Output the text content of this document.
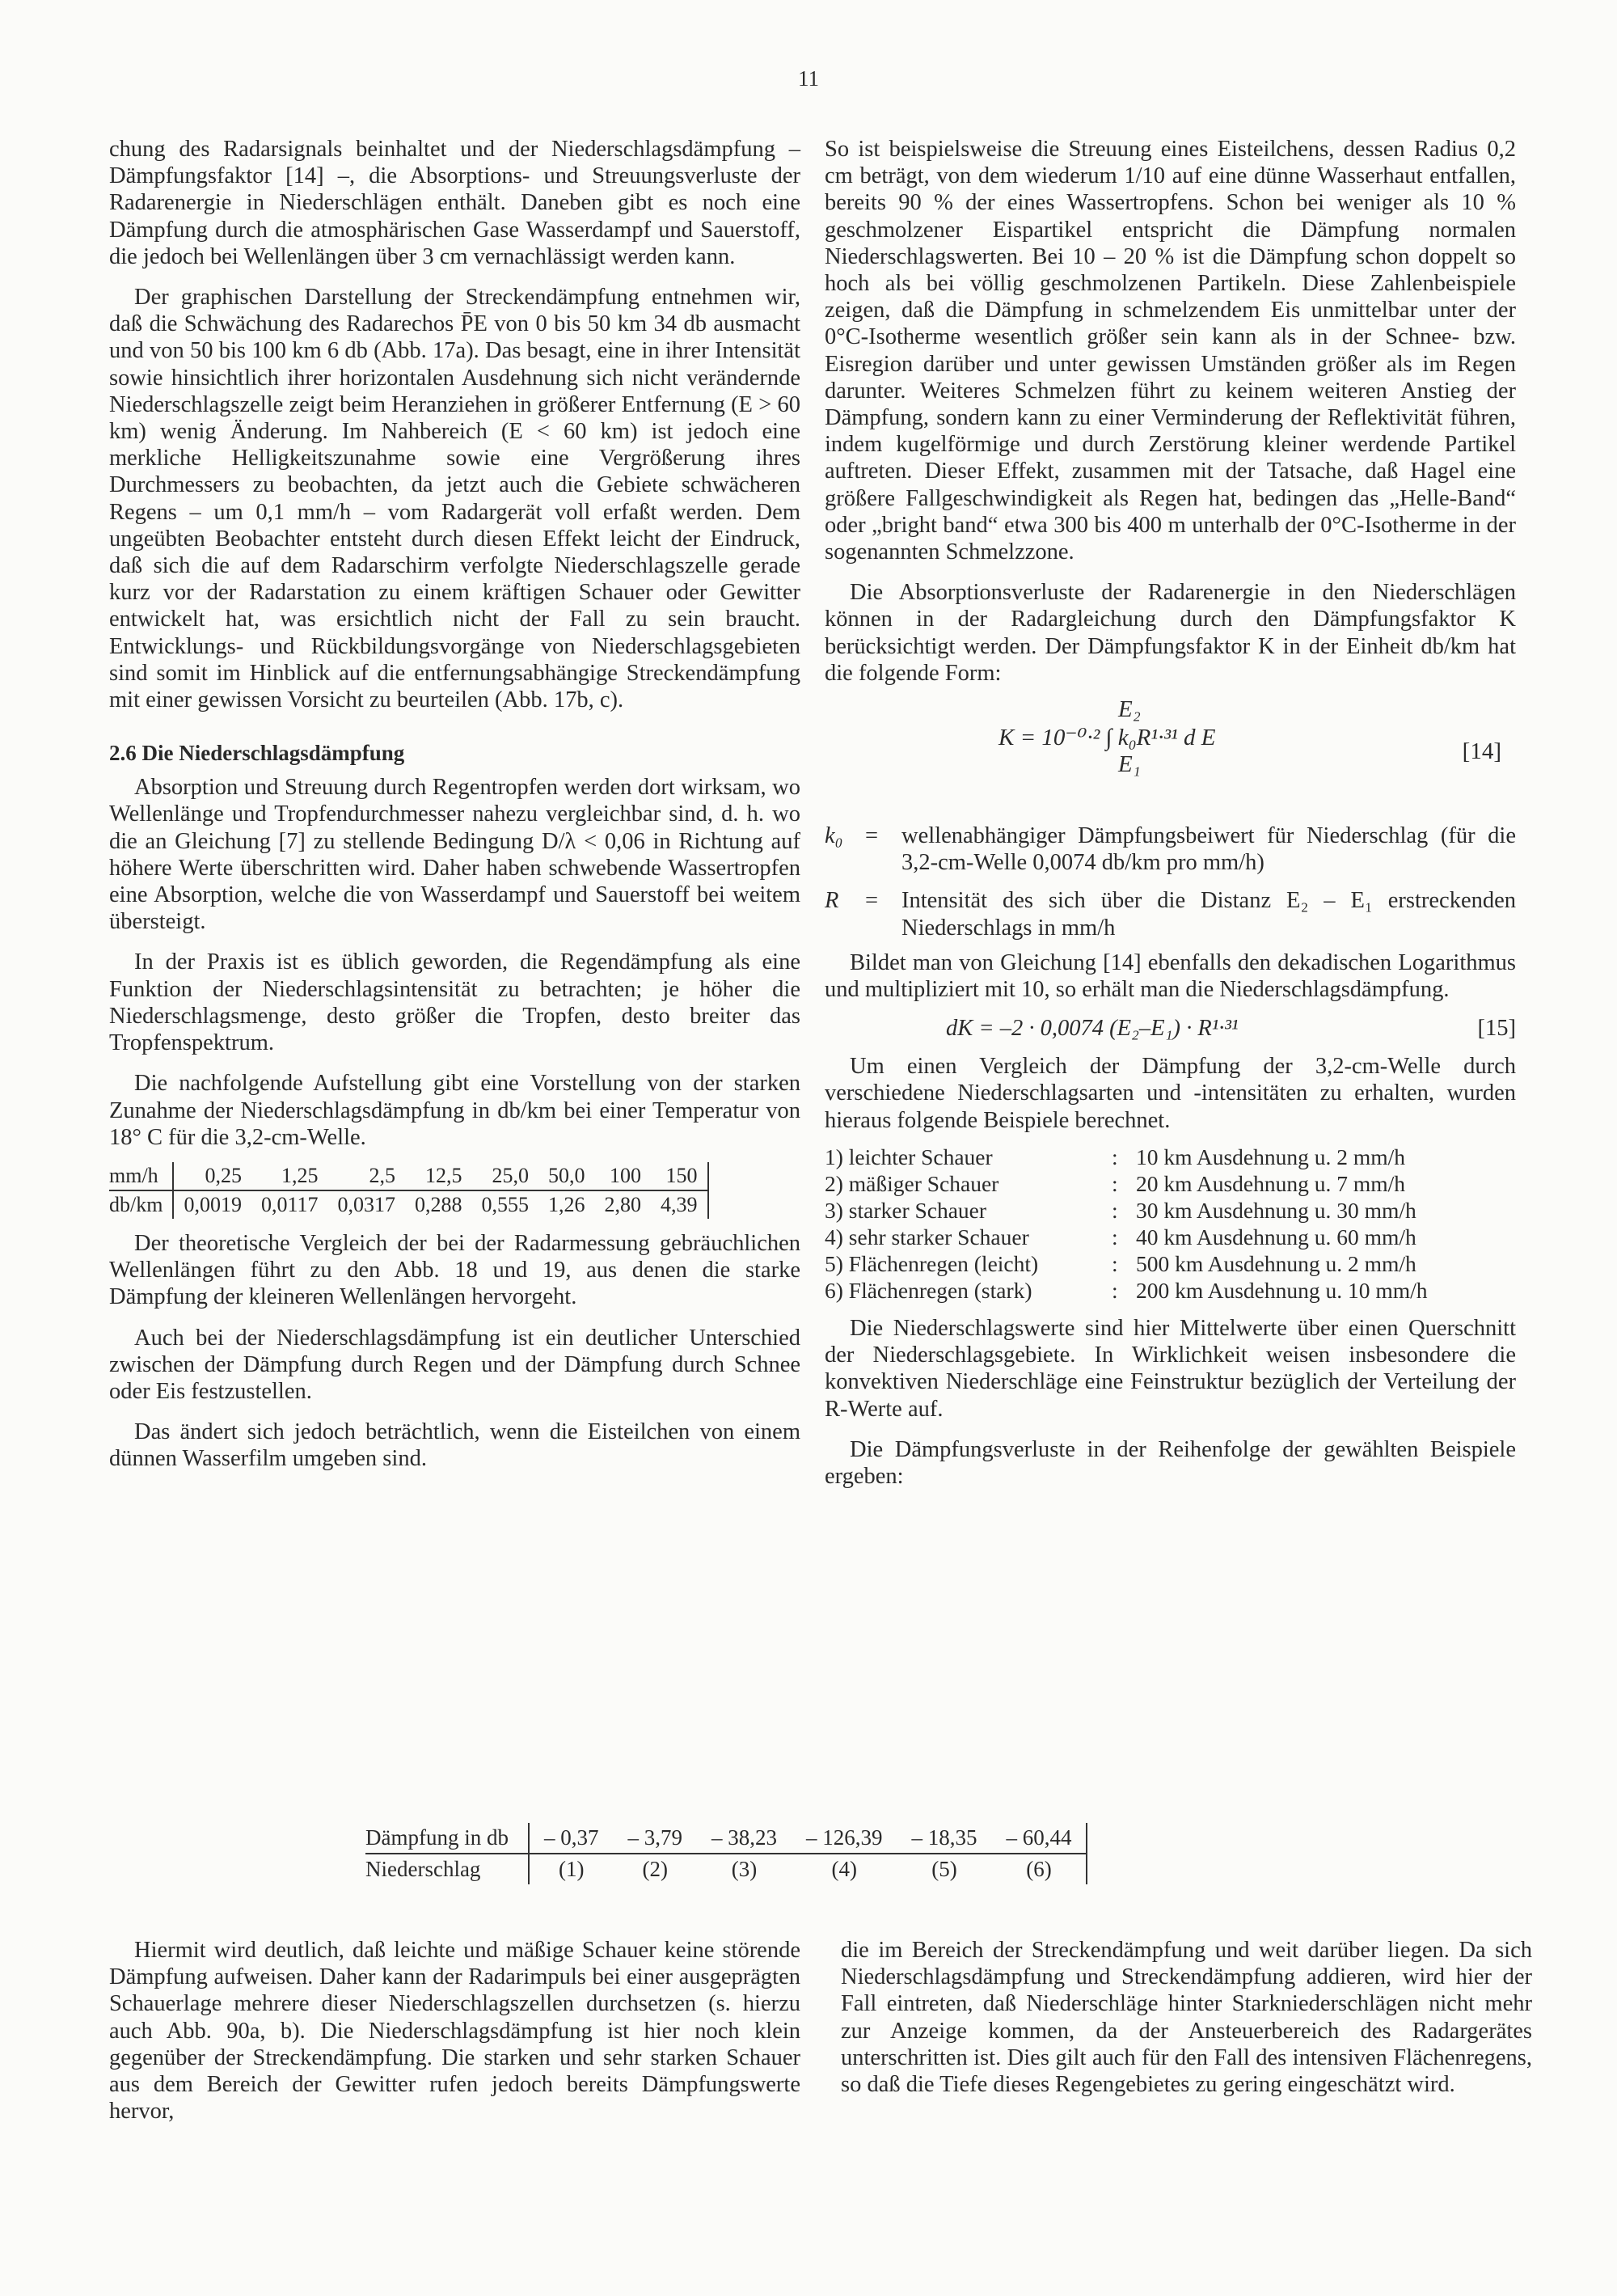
11

chung des Radarsignals beinhaltet und der Niederschlagsdämpfung – Dämpfungsfaktor [14] –, die Absorptions- und Streuungsverluste der Radarenergie in Niederschlägen enthält. Daneben gibt es noch eine Dämpfung durch die atmosphärischen Gase Wasserdampf und Sauerstoff, die jedoch bei Wellenlängen über 3 cm vernachlässigt werden kann.

Der graphischen Darstellung der Streckendämpfung entnehmen wir, daß die Schwächung des Radarechos P̄E von 0 bis 50 km 34 db ausmacht und von 50 bis 100 km 6 db (Abb. 17a). Das besagt, eine in ihrer Intensität sowie hinsichtlich ihrer horizontalen Ausdehnung sich nicht verändernde Niederschlagszelle zeigt beim Heranziehen in größerer Entfernung (E > 60 km) wenig Änderung. Im Nahbereich (E < 60 km) ist jedoch eine merkliche Helligkeitszunahme sowie eine Vergrößerung ihres Durchmessers zu beobachten, da jetzt auch die Gebiete schwächeren Regens – um 0,1 mm/h – vom Radargerät voll erfaßt werden. Dem ungeübten Beobachter entsteht durch diesen Effekt leicht der Eindruck, daß sich die auf dem Radarschirm verfolgte Niederschlagszelle gerade kurz vor der Radarstation zu einem kräftigen Schauer oder Gewitter entwickelt hat, was ersichtlich nicht der Fall zu sein braucht. Entwicklungs- und Rückbildungsvorgänge von Niederschlagsgebieten sind somit im Hinblick auf die entfernungsabhängige Streckendämpfung mit einer gewissen Vorsicht zu beurteilen (Abb. 17b, c).

2.6 Die Niederschlagsdämpfung

Absorption und Streuung durch Regentropfen werden dort wirksam, wo Wellenlänge und Tropfendurchmesser nahezu vergleichbar sind, d. h. wo die an Gleichung [7] zu stellende Bedingung D/λ < 0,06 in Richtung auf höhere Werte überschritten wird. Daher haben schwebende Wassertropfen eine Absorption, welche die von Wasserdampf und Sauerstoff bei weitem übersteigt.

In der Praxis ist es üblich geworden, die Regendämpfung als eine Funktion der Niederschlagsintensität zu betrachten; je höher die Niederschlagsmenge, desto größer die Tropfen, desto breiter das Tropfenspektrum.

Die nachfolgende Aufstellung gibt eine Vorstellung von der starken Zunahme der Niederschlagsdämpfung in db/km bei einer Temperatur von 18° C für die 3,2-cm-Welle.

mm/h	0,25	1,25	2,5	12,5	25,0	50,0	100	150
db/km	0,0019	0,0117	0,0317	0,288	0,555	1,26	2,80	4,39

Der theoretische Vergleich der bei der Radarmessung gebräuchlichen Wellenlängen führt zu den Abb. 18 und 19, aus denen die starke Dämpfung der kleineren Wellenlängen hervorgeht.

Auch bei der Niederschlagsdämpfung ist ein deutlicher Unterschied zwischen der Dämpfung durch Regen und der Dämpfung durch Schnee oder Eis festzustellen.

Das ändert sich jedoch beträchtlich, wenn die Eisteilchen von einem dünnen Wasserfilm umgeben sind.

So ist beispielsweise die Streuung eines Eisteilchens, dessen Radius 0,2 cm beträgt, von dem wiederum 1/10 auf eine dünne Wasserhaut entfallen, bereits 90 % der eines Wassertropfens. Schon bei weniger als 10 % geschmolzener Eispartikel entspricht die Dämpfung normalen Niederschlagswerten. Bei 10 – 20 % ist die Dämpfung schon doppelt so hoch als bei völlig geschmolzenen Partikeln. Diese Zahlenbeispiele zeigen, daß die Dämpfung in schmelzendem Eis unmittelbar unter der 0°C-Isotherme wesentlich größer sein kann als in der Schnee- bzw. Eisregion darüber und unter gewissen Umständen größer als im Regen darunter. Weiteres Schmelzen führt zu keinem weiteren Anstieg der Dämpfung, sondern kann zu einer Verminderung der Reflektivität führen, indem kugelförmige und durch Zerstörung kleiner werdende Partikel auftreten. Dieser Effekt, zusammen mit der Tatsache, daß Hagel eine größere Fallgeschwindigkeit als Regen hat, bedingen das „Helle-Band“ oder „bright band“ etwa 300 bis 400 m unterhalb der 0°C-Isotherme in der sogenannten Schmelzzone.

Die Absorptionsverluste der Radarenergie in den Niederschlägen können in der Radargleichung durch den Dämpfungsfaktor K berücksichtigt werden. Der Dämpfungsfaktor K in der Einheit db/km hat die folgende Form:

E₂
K = 10⁻⁰·² ∫ k₀R¹·³¹ d E
E₁	[14]
k₀ =	wellenabhängiger Dämpfungsbeiwert für Niederschlag (für die 3,2-cm-Welle 0,0074 db/km pro mm/h)
R	=	Intensität des sich über die Distanz E₂ – E₁ erstreckenden Niederschlags in mm/h

Bildet man von Gleichung [14] ebenfalls den dekadischen Logarithmus und multipliziert mit 10, so erhält man die Niederschlagsdämpfung.

dK = –2 · 0,0074 (E₂–E₁) · R¹·³¹	[15]

Um einen Vergleich der Dämpfung der 3,2-cm-Welle durch verschiedene Niederschlagsarten und -intensitäten zu erhalten, wurden hieraus folgende Beispiele berechnet.

1) leichter Schauer	: 10 km Ausdehnung u. 2 mm/h
2) mäßiger Schauer	: 20 km Ausdehnung u. 7 mm/h
3) starker Schauer	: 30 km Ausdehnung u. 30 mm/h
4) sehr starker Schauer	: 40 km Ausdehnung u. 60 mm/h
5) Flächenregen (leicht)	: 500 km Ausdehnung u. 2 mm/h
6) Flächenregen (stark)	: 200 km Ausdehnung u. 10 mm/h

Die Niederschlagswerte sind hier Mittelwerte über einen Querschnitt der Niederschlagsgebiete. In Wirklichkeit weisen insbesondere die konvektiven Niederschläge eine Feinstruktur bezüglich der Verteilung der R-Werte auf.

Die Dämpfungsverluste in der Reihenfolge der gewählten Beispiele ergeben:

Dämpfung in db	– 0,37	– 3,79	– 38,23	– 126,39	– 18,35	– 60,44
Niederschlag	(1)	(2)	(3)	(4)	(5)	(6)

Hiermit wird deutlich, daß leichte und mäßige Schauer keine störende Dämpfung aufweisen. Daher kann der Radarimpuls bei einer ausgeprägten Schauerlage mehrere dieser Niederschlagszellen durchsetzen (s. hierzu auch Abb. 90a, b). Die Niederschlagsdämpfung ist hier noch klein gegenüber der Streckendämpfung. Die starken und sehr starken Schauer aus dem Bereich der Gewitter rufen jedoch bereits Dämpfungswerte hervor,

die im Bereich der Streckendämpfung und weit darüber liegen. Da sich Niederschlagsdämpfung und Streckendämpfung addieren, wird hier der Fall eintreten, daß Niederschläge hinter Starkniederschlägen nicht mehr zur Anzeige kommen, da der Ansteuerbereich des Radargerätes unterschritten ist. Dies gilt auch für den Fall des intensiven Flächenregens, so daß die Tiefe dieses Regengebietes zu gering eingeschätzt wird.
